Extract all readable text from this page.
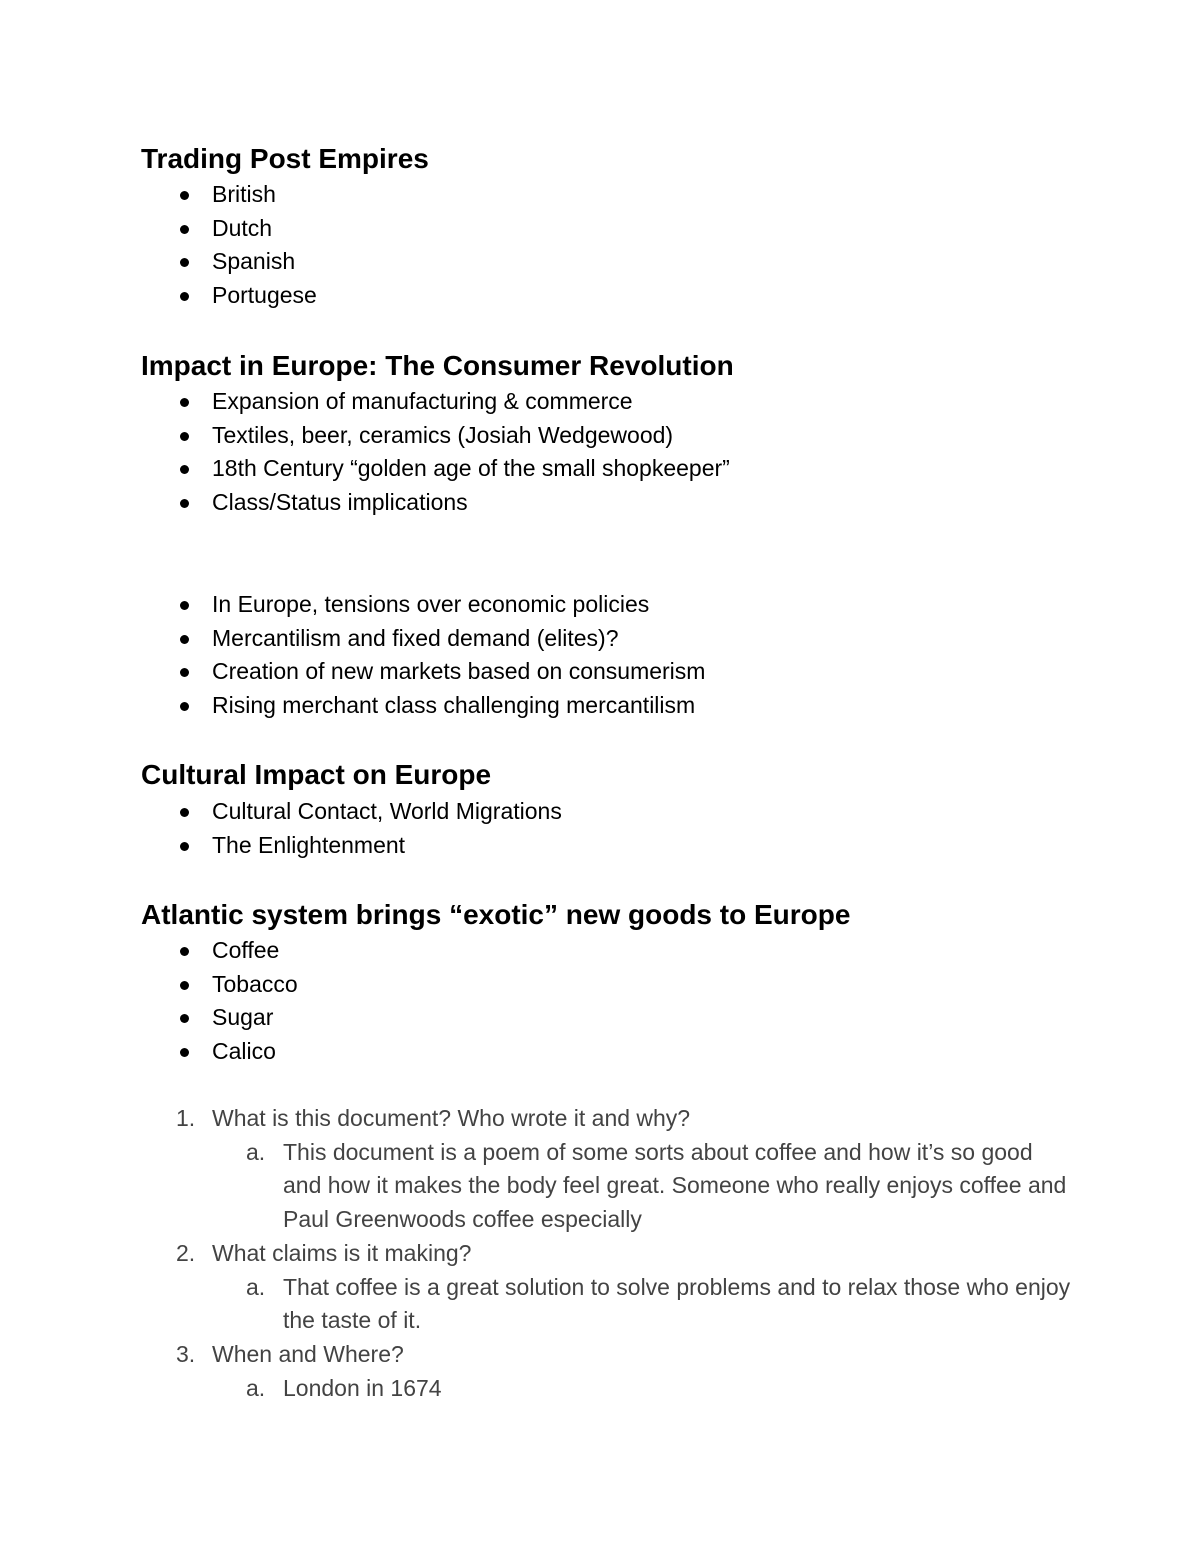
Trading Post Empires
British
Dutch
Spanish
Portugese
Impact in Europe: The Consumer Revolution
Expansion of manufacturing & commerce
Textiles, beer, ceramics (Josiah Wedgewood)
18th Century “golden age of the small shopkeeper”
Class/Status implications
In Europe, tensions over economic policies
Mercantilism and fixed demand (elites)?
Creation of new markets based on consumerism
Rising merchant class challenging mercantilism
Cultural Impact on Europe
Cultural Contact, World Migrations
The Enlightenment
Atlantic system brings “exotic” new goods to Europe
Coffee
Tobacco
Sugar
Calico
1. What is this document? Who wrote it and why?
a. This document is a poem of some sorts about coffee and how it’s so good and how it makes the body feel great. Someone who really enjoys coffee and Paul Greenwoods coffee especially
2. What claims is it making?
a. That coffee is a great solution to solve problems and to relax those who enjoy the taste of it.
3. When and Where?
a. London in 1674
